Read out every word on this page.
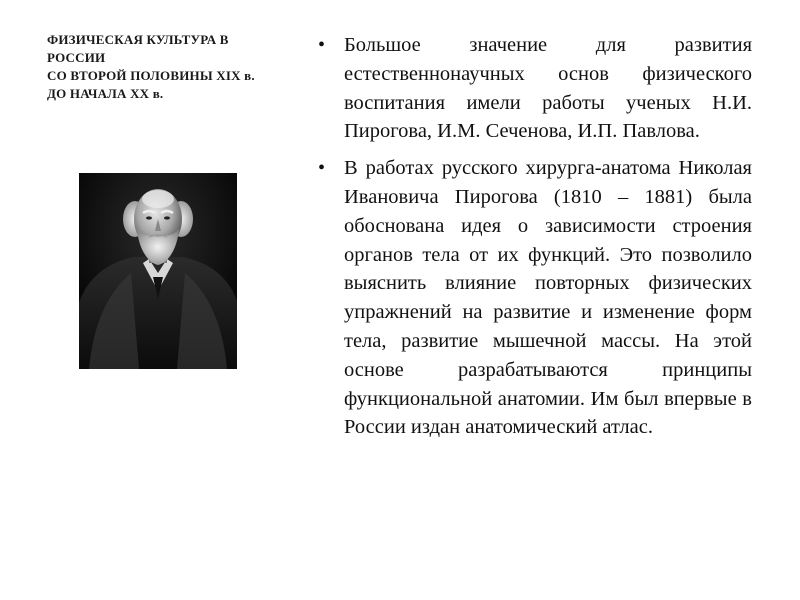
ФИЗИЧЕСКАЯ КУЛЬТУРА В
РОССИИ
СО ВТОРОЙ ПОЛОВИНЫ XIX в.
ДО НАЧАЛА XX в.
• Большое значение для развития естественнонаучных основ физического воспитания имели работы ученых Н.И. Пирогова, И.М. Сеченова, И.П. Павлова.
• В работах русского хирурга-анатома Николая Ивановича Пирогова (1810 – 1881) была обоснована идея о зависимости строения органов тела от их функций. Это позволило выяснить влияние повторных физических упражнений на развитие и изменение форм тела, развитие мышечной массы. На этой основе разрабатываются принципы функциональной анатомии. Им был впервые в России издан анатомический атлас.
